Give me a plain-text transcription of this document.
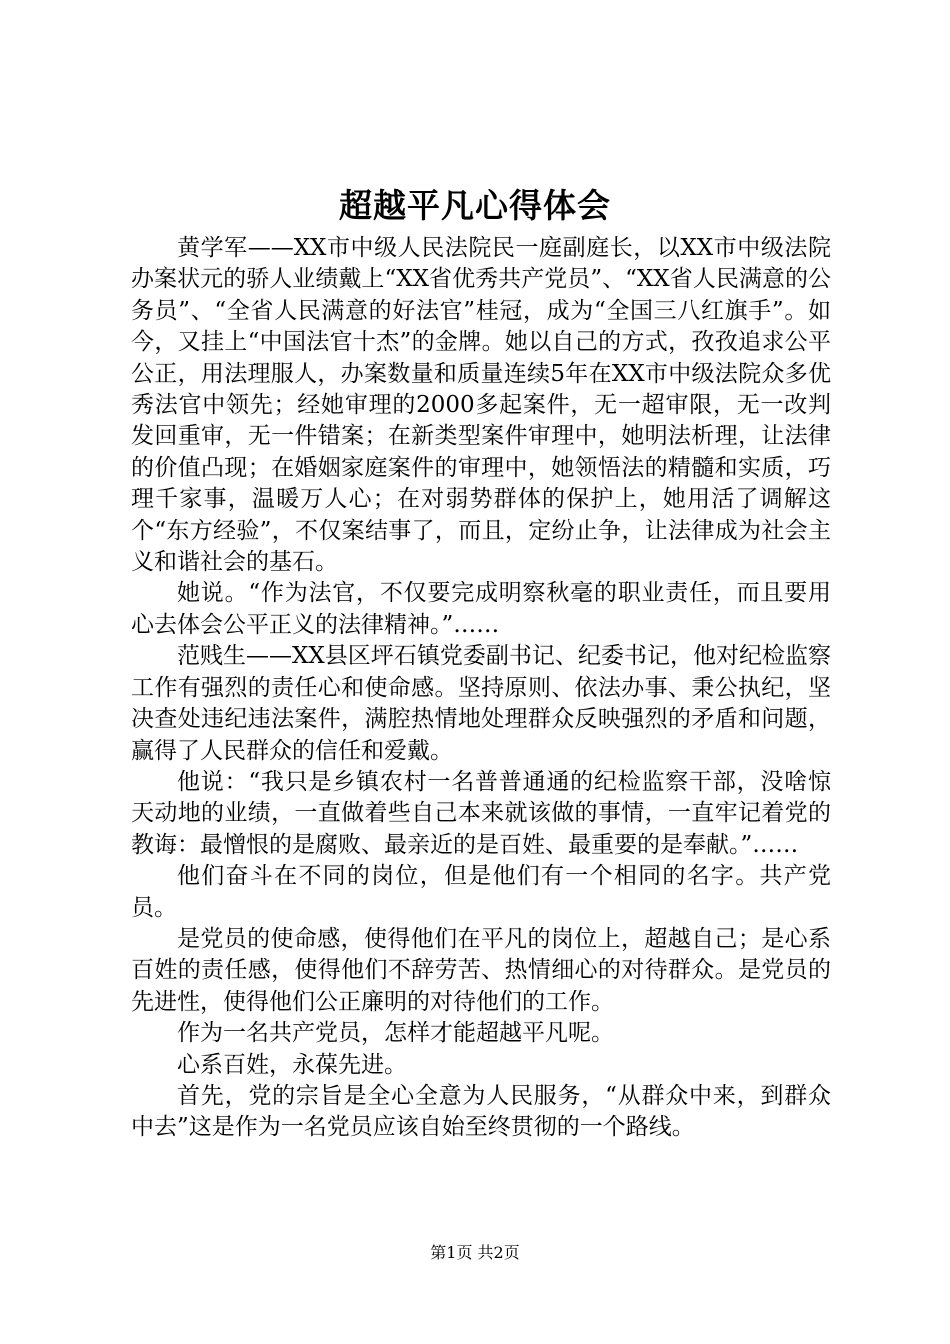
超越平凡心得体会

黄学军——XX市中级人民法院民一庭副庭长，以XX市中级法院办案状元的骄人业绩戴上“XX省优秀共产党员”、“XX省人民满意的公务员”、“全省人民满意的好法官”桂冠，成为“全国三八红旗手”。如今，又挂上“中国法官十杰”的金牌。她以自己的方式，孜孜追求公平公正，用法理服人，办案数量和质量连续5年在XX市中级法院众多优秀法官中领先；经她审理的2000多起案件，无一超审限，无一改判发回重审，无一件错案；在新类型案件审理中，她明法析理，让法律的价值凸现；在婚姻家庭案件的审理中，她领悟法的精髓和实质，巧理千家事，温暖万人心；在对弱势群体的保护上，她用活了调解这个“东方经验”，不仅案结事了，而且，定纷止争，让法律成为社会主义和谐社会的基石。

她说。“作为法官，不仅要完成明察秋毫的职业责任，而且要用心去体会公平正义的法律精神。”……

范贱生——XX县区坪石镇党委副书记、纪委书记，他对纪检监察工作有强烈的责任心和使命感。坚持原则、依法办事、秉公执纪，坚决查处违纪违法案件，满腔热情地处理群众反映强烈的矛盾和问题，赢得了人民群众的信任和爱戴。

他说：“我只是乡镇农村一名普普通通的纪检监察干部，没啥惊天动地的业绩，一直做着些自己本来就该做的事情，一直牢记着党的教诲：最憎恨的是腐败、最亲近的是百姓、最重要的是奉献。”……

他们奋斗在不同的岗位，但是他们有一个相同的名字。共产党员。

是党员的使命感，使得他们在平凡的岗位上，超越自己；是心系百姓的责任感，使得他们不辞劳苦、热情细心的对待群众。是党员的先进性，使得他们公正廉明的对待他们的工作。

作为一名共产党员，怎样才能超越平凡呢。

心系百姓，永葆先进。

首先，党的宗旨是全心全意为人民服务，“从群众中来，到群众中去”这是作为一名党员应该自始至终贯彻的一个路线。

第1页 共2页
